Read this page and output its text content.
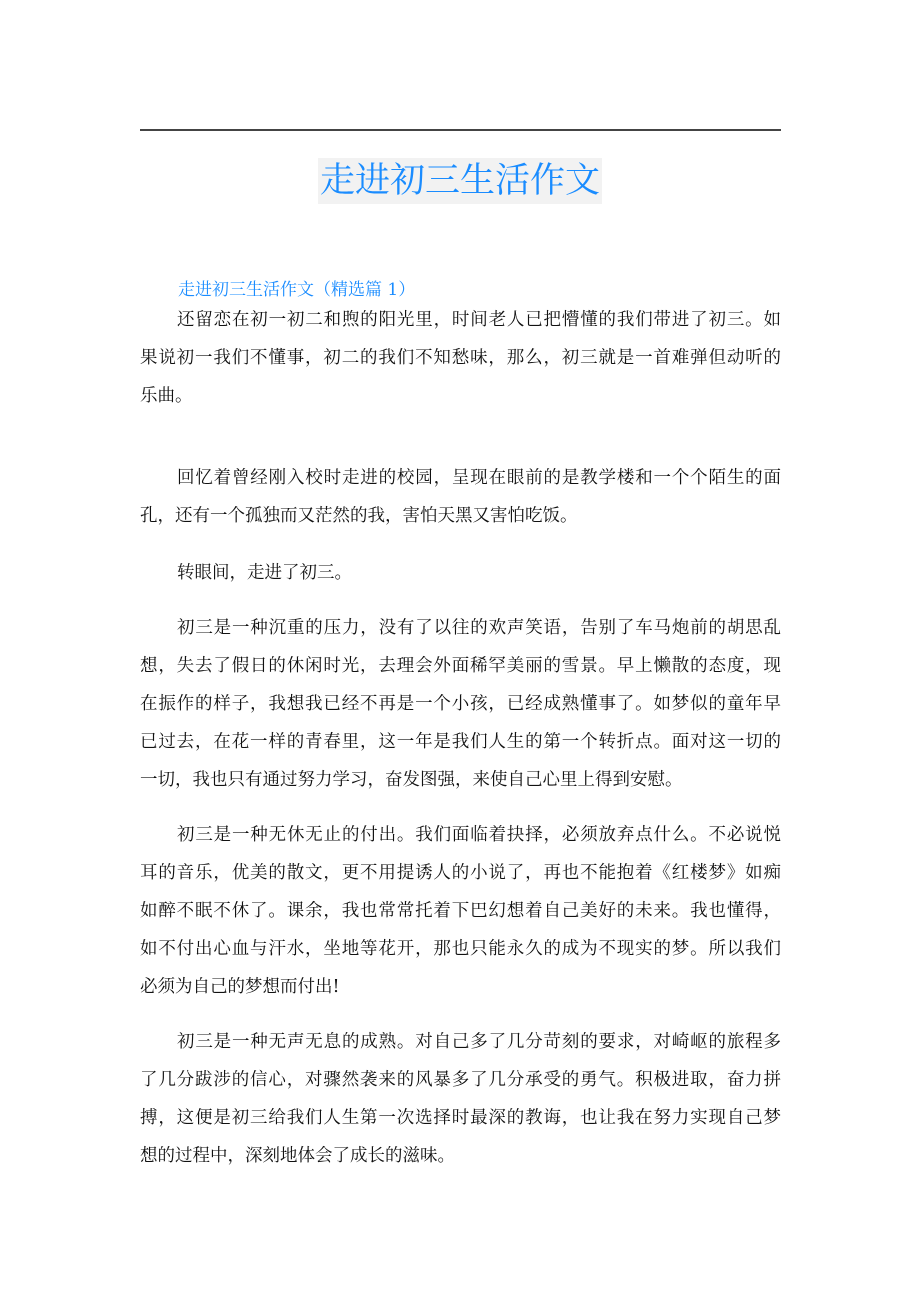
走进初三生活作文
走进初三生活作文（精选篇 1）
还留恋在初一初二和煦的阳光里，时间老人已把懵懂的我们带进了初三。如
果说初一我们不懂事，初二的我们不知愁味，那么，初三就是一首难弹但动听的
乐曲。
回忆着曾经刚入校时走进的校园，呈现在眼前的是教学楼和一个个陌生的面
孔，还有一个孤独而又茫然的我，害怕天黑又害怕吃饭。
转眼间，走进了初三。
初三是一种沉重的压力，没有了以往的欢声笑语，告别了车马炮前的胡思乱
想，失去了假日的休闲时光，去理会外面稀罕美丽的雪景。早上懒散的态度，现
在振作的样子，我想我已经不再是一个小孩，已经成熟懂事了。如梦似的童年早
已过去，在花一样的青春里，这一年是我们人生的第一个转折点。面对这一切的
一切，我也只有通过努力学习，奋发图强，来使自己心里上得到安慰。
初三是一种无休无止的付出。我们面临着抉择，必须放弃点什么。不必说悦
耳的音乐，优美的散文，更不用提诱人的小说了，再也不能抱着《红楼梦》如痴
如醉不眠不休了。课余，我也常常托着下巴幻想着自己美好的未来。我也懂得，
如不付出心血与汗水，坐地等花开，那也只能永久的成为不现实的梦。所以我们
必须为自己的梦想而付出!
初三是一种无声无息的成熟。对自己多了几分苛刻的要求，对崎岖的旅程多
了几分跋涉的信心，对骤然袭来的风暴多了几分承受的勇气。积极进取，奋力拼
搏，这便是初三给我们人生第一次选择时最深的教诲，也让我在努力实现自己梦
想的过程中，深刻地体会了成长的滋味。
